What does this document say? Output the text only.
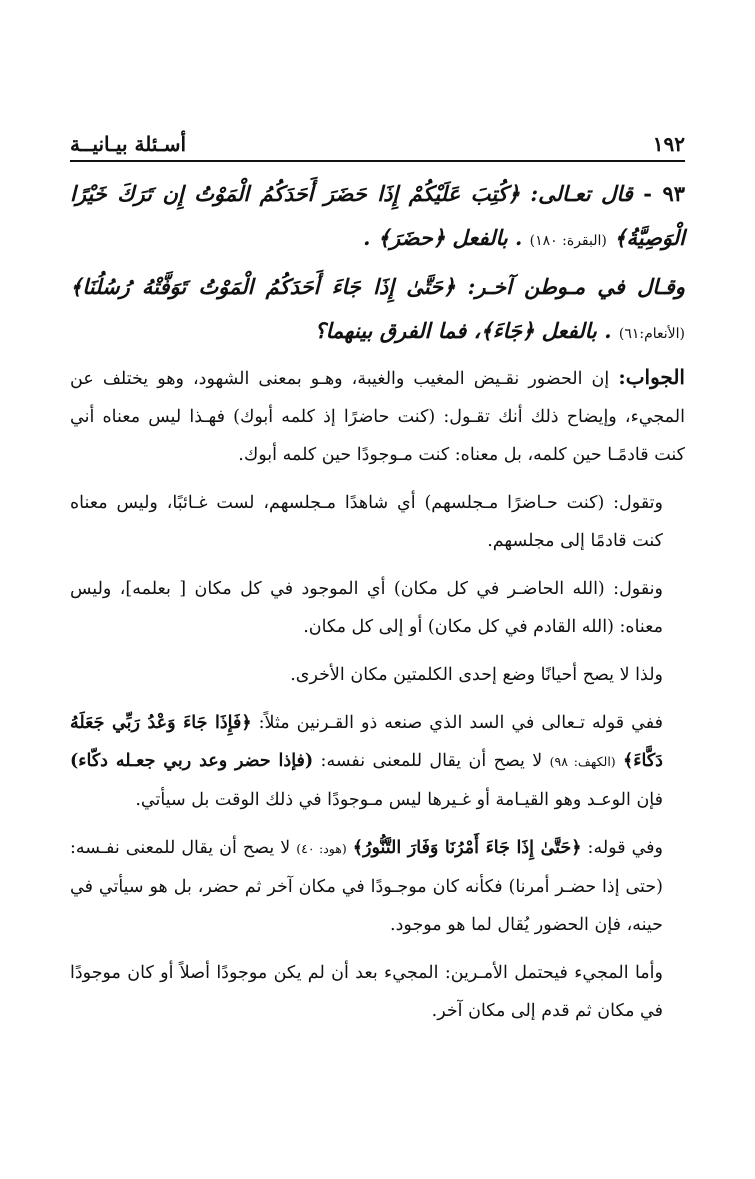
١٩٢
أسـئلة بيـانيــة

٩٣ - قال تعـالى: ﴿كُتِبَ عَلَيْكُمْ إِذَا حَضَرَ أَحَدَكُمُ الْمَوْتُ إِن تَرَكَ خَيْرًا الْوَصِيَّةُ﴾ (البقرة: ١٨٠) . بالفعل ﴿حضَرَ﴾ .

وقـال في مـوطن آخـر: ﴿حَتَّىٰ إِذَا جَاءَ أَحَدَكُمُ الْمَوْتُ تَوَفَّتْهُ رُسُلُنَا﴾ (الأنعام:٦١) . بالفعل ﴿جَاءَ﴾، فما الفرق بينهما؟

الجواب: إن الحضور نقـيض المغيب والغيبة، وهـو بمعنى الشهود، وهو يختلف عن المجيء، وإيضاح ذلك أنك تقـول: (كنت حاضرًا إذ كلمه أبوك) فهـذا ليس معناه أني كنت قادمًـا حين كلمه، بل معناه: كنت مـوجودًا حين كلمه أبوك.

وتقول: (كنت حـاضرًا مـجلسهم) أي شاهدًا مـجلسهم، لست غـائبًا، وليس معناه كنت قادمًا إلى مجلسهم.

ونقول: (الله الحاضـر في كل مكان) أي الموجود في كل مكان [ بعلمه]، وليس معناه: (الله القادم في كل مكان) أو إلى كل مكان.

ولذا لا يصح أحيانًا وضع إحدى الكلمتين مكان الأخرى.

ففي قوله تـعالى في السد الذي صنعه ذو القـرنين مثلاً: ﴿فَإِذَا جَاءَ وَعْدُ رَبِّي جَعَلَهُ دَكَّاءَ﴾ (الكهف: ٩٨) لا يصح أن يقال للمعنى نفسه: (فإذا حضر وعد ربي جعـله دكّاء) فإن الوعـد وهو القيـامة أو غـيرها ليس مـوجودًا في ذلك الوقت بل سيأتي.

وفي قوله: ﴿حَتَّىٰ إِذَا جَاءَ أَمْرُنَا وَفَارَ التَّنُّورُ﴾ (هود: ٤٠) لا يصح أن يقال للمعنى نفـسه: (حتى إذا حضـر أمرنا) فكأنه كان موجـودًا في مكان آخر ثم حضر، بل هو سيأتي في حينه، فإن الحضور يُقال لما هو موجود.

وأما المجيء فيحتمل الأمـرين: المجيء بعد أن لم يكن موجودًا أصلاً أو كان موجودًا في مكان ثم قدم إلى مكان آخر.
